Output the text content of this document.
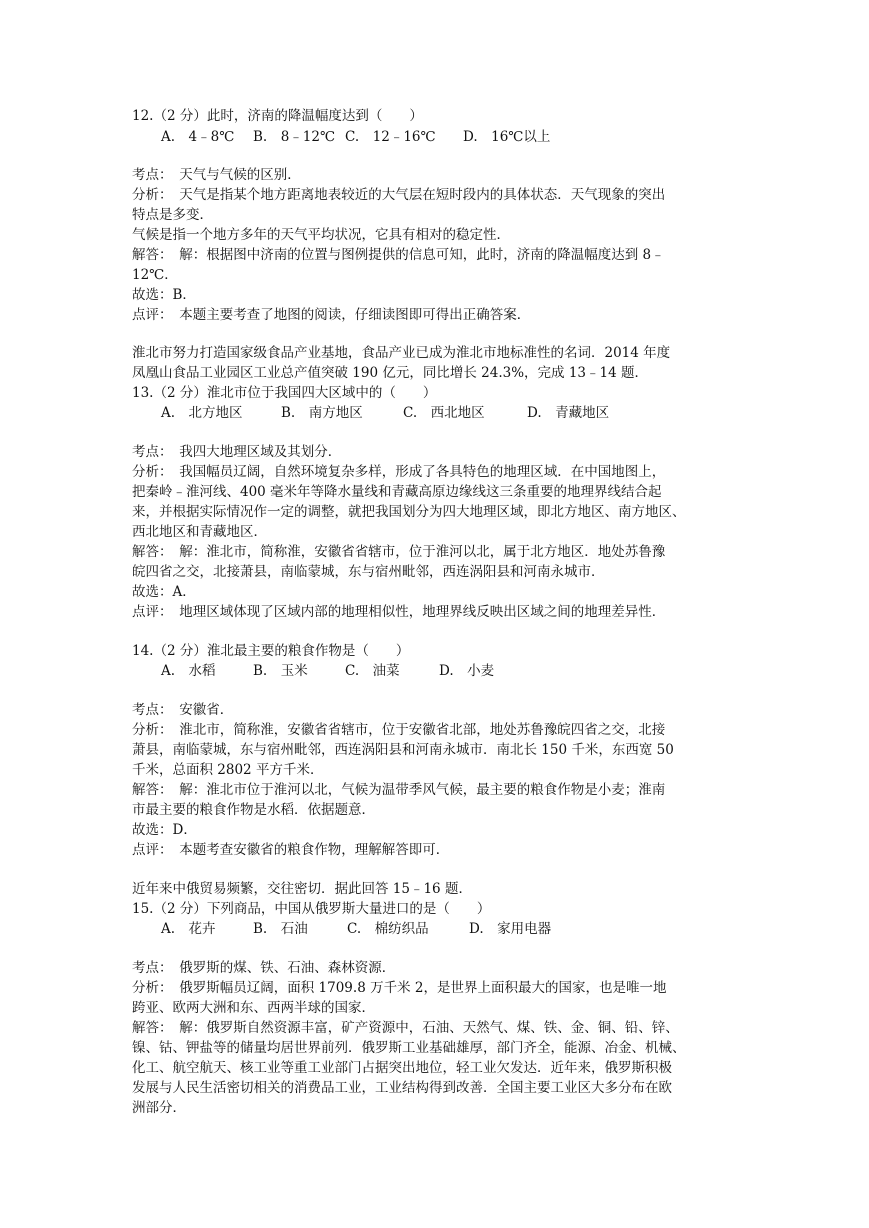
12.（2 分）此时，济南的降温幅度达到（　　）
A.　4﹣8℃ B.　8﹣12℃ C.　12﹣16℃ D.　16℃以上
考点：　 天气与气候的区别．
分析：　 天气是指某个地方距离地表较近的大气层在短时段内的具体状态．天气现象的突出
特点是多变．
气候是指一个地方多年的天气平均状况，它具有相对的稳定性．
解答：　 解：根据图中济南的位置与图例提供的信息可知，此时，济南的降温幅度达到 8﹣
12℃．
故选：B．
点评：　 本题主要考查了地图的阅读，仔细读图即可得出正确答案．
淮北市努力打造国家级食品产业基地，食品产业已成为淮北市地标准性的名词．2014 年度
凤凰山食品工业园区工业总产值突破 190 亿元，同比增长 24.3%，完成 13﹣14 题．
13.（2 分）淮北市位于我国四大区域中的（　　）
A.　北方地区	B.　南方地区	C.　西北地区	D.　青藏地区
考点：　 我四大地理区域及其划分．
分析：　 我国幅员辽阔，自然环境复杂多样，形成了各具特色的地理区域．在中国地图上，
把秦岭﹣淮河线、400 毫米年等降水量线和青藏高原边缘线这三条重要的地理界线结合起
来，并根据实际情况作一定的调整，就把我国划分为四大地理区域，即北方地区、南方地区、
西北地区和青藏地区．
解答：　 解：淮北市，简称淮，安徽省省辖市，位于淮河以北，属于北方地区．地处苏鲁豫
皖四省之交，北接萧县，南临蒙城，东与宿州毗邻，西连涡阳县和河南永城市．
故选：A．
点评：　 地理区域体现了区域内部的地理相似性，地理界线反映出区域之间的地理差异性．
14.（2 分）淮北最主要的粮食作物是（　　）
A.　水稻	B.　玉米	C.　油菜	D.　小麦
考点：　 安徽省．
分析：　 淮北市，简称淮，安徽省省辖市，位于安徽省北部，地处苏鲁豫皖四省之交，北接
萧县，南临蒙城，东与宿州毗邻，西连涡阳县和河南永城市．南北长 150 千米，东西宽 50
千米，总面积 2802 平方千米．
解答：　 解：淮北市位于淮河以北，气候为温带季风气候，最主要的粮食作物是小麦；淮南
市最主要的粮食作物是水稻．依据题意．
故选：D．
点评：　 本题考查安徽省的粮食作物，理解解答即可．
近年来中俄贸易频繁，交往密切．据此回答 15﹣16 题．
15.（2 分）下列商品，中国从俄罗斯大量进口的是（　　）
A.　花卉	B.　石油	C.　棉纺织品	D.　家用电器
考点：　 俄罗斯的煤、铁、石油、森林资源．
分析：　 俄罗斯幅员辽阔，面积 1709.8 万千米 2，是世界上面积最大的国家，也是唯一地
跨亚、欧两大洲和东、西两半球的国家．
解答：　 解：俄罗斯自然资源丰富，矿产资源中，石油、天然气、煤、铁、金、铜、铅、锌、
镍、钴、钾盐等的储量均居世界前列．俄罗斯工业基础雄厚，部门齐全，能源、冶金、机械、
化工、航空航天、核工业等重工业部门占据突出地位，轻工业欠发达．近年来，俄罗斯积极
发展与人民生活密切相关的消费品工业，工业结构得到改善．全国主要工业区大多分布在欧
洲部分．
